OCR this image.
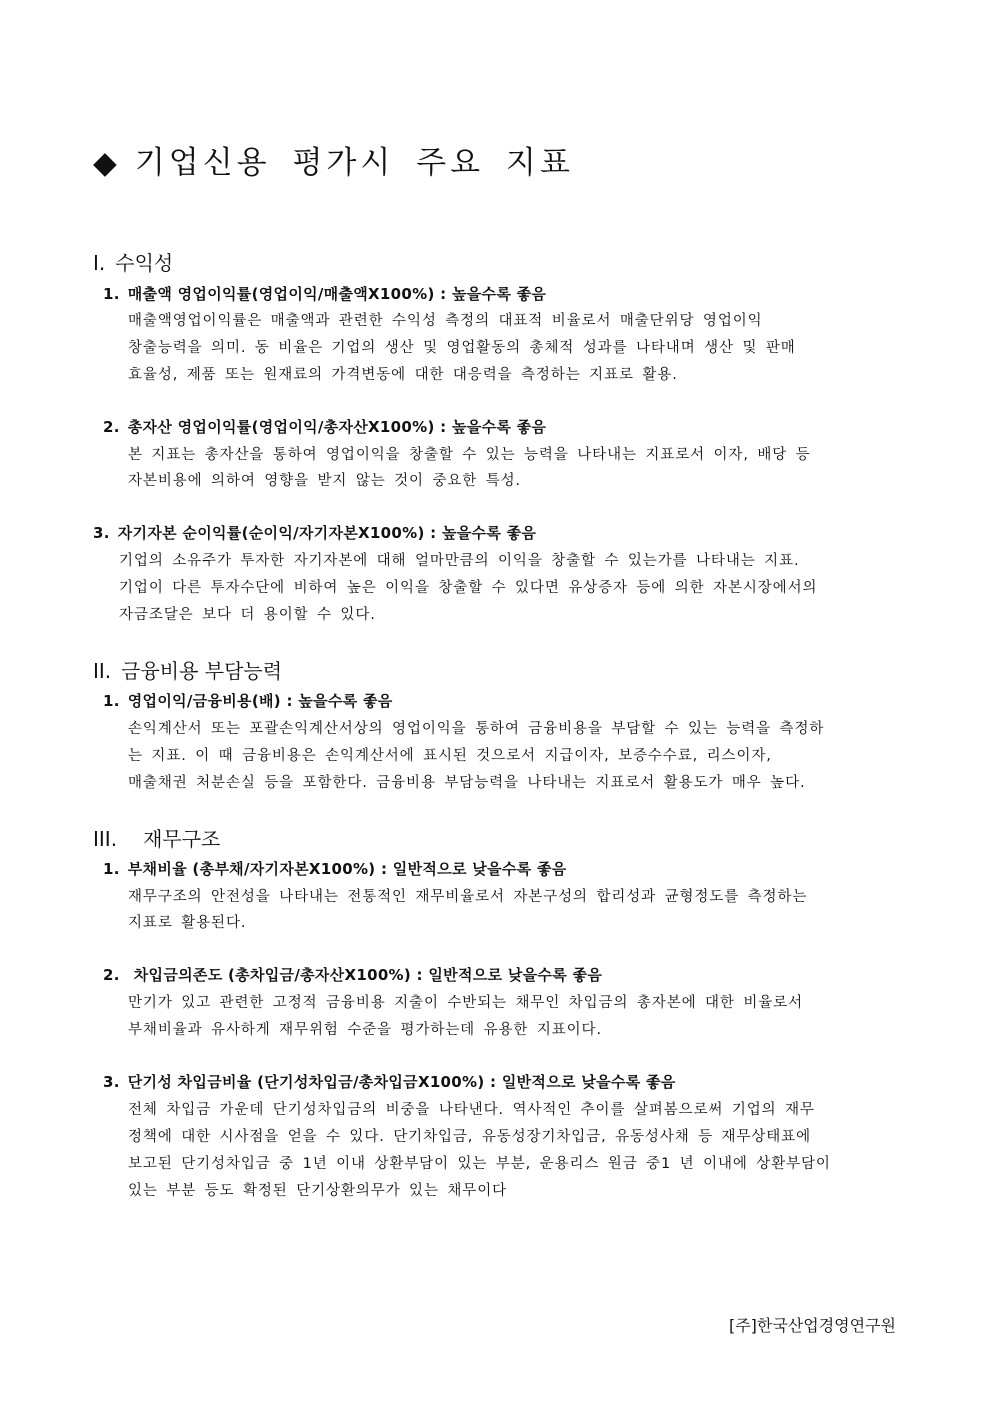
◆ 기업신용 평가시 주요 지표
I. 수익성
1. 매출액 영업이익률(영업이익/매출액X100%) : 높을수록 좋음
매출액영업이익률은 매출액과 관련한 수익성 측정의 대표적 비율로서 매출단위당 영업이익
창출능력을 의미. 동 비율은 기업의 생산 및 영업활동의 총체적 성과를 나타내며 생산 및 판매
효율성, 제품 또는 원재료의 가격변동에 대한 대응력을 측정하는 지표로 활용.
2. 총자산 영업이익률(영업이익/총자산X100%) : 높을수록 좋음
본 지표는 총자산을 통하여 영업이익을 창출할 수 있는 능력을 나타내는 지표로서 이자, 배당 등
자본비용에 의하여 영향을 받지 않는 것이 중요한 특성.
3. 자기자본 순이익률(순이익/자기자본X100%) : 높을수록 좋음
기업의 소유주가 투자한 자기자본에 대해 얼마만큼의 이익을 창출할 수 있는가를 나타내는 지표.
기업이 다른 투자수단에 비하여 높은 이익을 창출할 수 있다면 유상증자 등에 의한 자본시장에서의
자금조달은 보다 더 용이할 수 있다.
II. 금융비용 부담능력
1. 영업이익/금융비용(배) : 높을수록 좋음
손익계산서 또는 포괄손익계산서상의 영업이익을 통하여 금융비용을 부담할 수 있는 능력을 측정하
는 지표. 이 때 금융비용은 손익계산서에 표시된 것으로서 지급이자, 보증수수료, 리스이자,
매출채권 처분손실 등을 포함한다. 금융비용 부담능력을 나타내는 지표로서 활용도가 매우 높다.
III. 재무구조
1. 부채비율 (총부채/자기자본X100%) : 일반적으로 낮을수록 좋음
재무구조의 안전성을 나타내는 전통적인 재무비율로서 자본구성의 합리성과 균형정도를 측정하는
지표로 활용된다.
2. 차입금의존도 (총차입금/총자산X100%) : 일반적으로 낮을수록 좋음
만기가 있고 관련한 고정적 금융비용 지출이 수반되는 채무인 차입금의 총자본에 대한 비율로서
부채비율과 유사하게 재무위험 수준을 평가하는데 유용한 지표이다.
3. 단기성 차입금비율 (단기성차입금/총차입금X100%) : 일반적으로 낮을수록 좋음
전체 차입금 가운데 단기성차입금의 비중을 나타낸다. 역사적인 추이를 살펴봄으로써 기업의 재무
정책에 대한 시사점을 얻을 수 있다. 단기차입금, 유동성장기차입금, 유동성사채 등 재무상태표에
보고된 단기성차입금 중 1년 이내 상환부담이 있는 부분, 운용리스 원금 중1 년 이내에 상환부담이
있는 부분 등도 확정된 단기상환의무가 있는 채무이다
[주]한국산업경영연구원
